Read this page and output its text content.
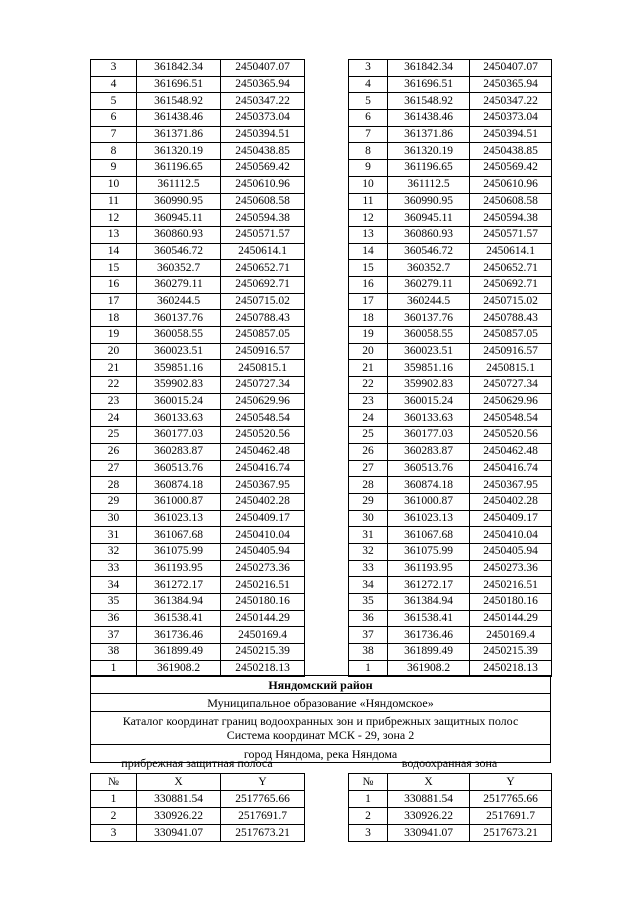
3	361842.34	2450407.07
4	361696.51	2450365.94
5	361548.92	2450347.22
6	361438.46	2450373.04
7	361371.86	2450394.51
8	361320.19	2450438.85
9	361196.65	2450569.42
10	361112.5	2450610.96
11	360990.95	2450608.58
12	360945.11	2450594.38
13	360860.93	2450571.57
14	360546.72	2450614.1
15	360352.7	2450652.71
16	360279.11	2450692.71
17	360244.5	2450715.02
18	360137.76	2450788.43
19	360058.55	2450857.05
20	360023.51	2450916.57
21	359851.16	2450815.1
22	359902.83	2450727.34
23	360015.24	2450629.96
24	360133.63	2450548.54
25	360177.03	2450520.56
26	360283.87	2450462.48
27	360513.76	2450416.74
28	360874.18	2450367.95
29	361000.87	2450402.28
30	361023.13	2450409.17
31	361067.68	2450410.04
32	361075.99	2450405.94
33	361193.95	2450273.36
34	361272.17	2450216.51
35	361384.94	2450180.16
36	361538.41	2450144.29
37	361736.46	2450169.4
38	361899.49	2450215.39
1	361908.2	2450218.13
3	361842.34	2450407.07
4	361696.51	2450365.94
5	361548.92	2450347.22
6	361438.46	2450373.04
7	361371.86	2450394.51
8	361320.19	2450438.85
9	361196.65	2450569.42
10	361112.5	2450610.96
11	360990.95	2450608.58
12	360945.11	2450594.38
13	360860.93	2450571.57
14	360546.72	2450614.1
15	360352.7	2450652.71
16	360279.11	2450692.71
17	360244.5	2450715.02
18	360137.76	2450788.43
19	360058.55	2450857.05
20	360023.51	2450916.57
21	359851.16	2450815.1
22	359902.83	2450727.34
23	360015.24	2450629.96
24	360133.63	2450548.54
25	360177.03	2450520.56
26	360283.87	2450462.48
27	360513.76	2450416.74
28	360874.18	2450367.95
29	361000.87	2450402.28
30	361023.13	2450409.17
31	361067.68	2450410.04
32	361075.99	2450405.94
33	361193.95	2450273.36
34	361272.17	2450216.51
35	361384.94	2450180.16
36	361538.41	2450144.29
37	361736.46	2450169.4
38	361899.49	2450215.39
1	361908.2	2450218.13
Няндомский район
Муниципальное образование «Няндомское»

Каталог координат границ водоохранных зон и прибрежных защитных полос
Система координат МСК - 29, зона 2

город Няндома, река Няндома
прибрежная защитная полоса	водоохранная зона
№	X	Y
1	330881.54	2517765.66
2	330926.22	2517691.7
3	330941.07	2517673.21
№	X	Y
1	330881.54	2517765.66
2	330926.22	2517691.7
3	330941.07	2517673.21
